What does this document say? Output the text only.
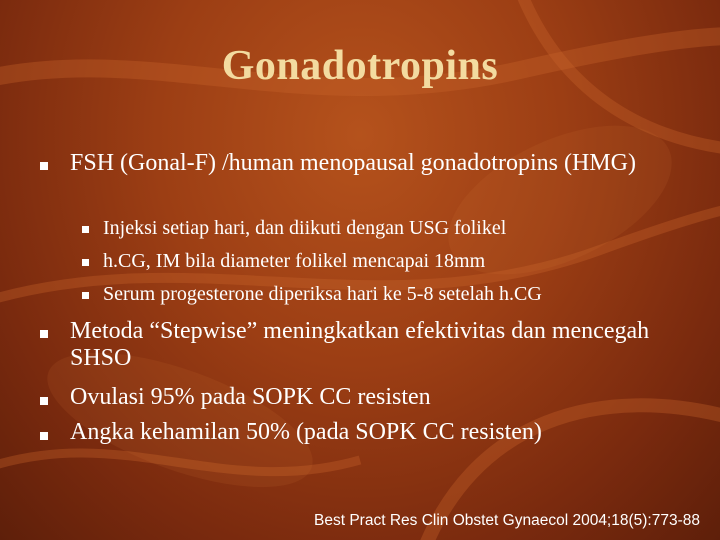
Gonadotropins
FSH (Gonal-F) /human menopausal gonadotropins (HMG)
Injeksi setiap hari, dan diikuti dengan USG folikel
h.CG, IM bila diameter folikel mencapai 18mm
Serum progesterone diperiksa hari ke 5-8 setelah h.CG
Metoda “Stepwise” meningkatkan efektivitas dan mencegah SHSO
Ovulasi 95% pada SOPK CC resisten
Angka kehamilan 50% (pada SOPK CC resisten)
Best Pract Res Clin Obstet Gynaecol 2004;18(5):773-88
